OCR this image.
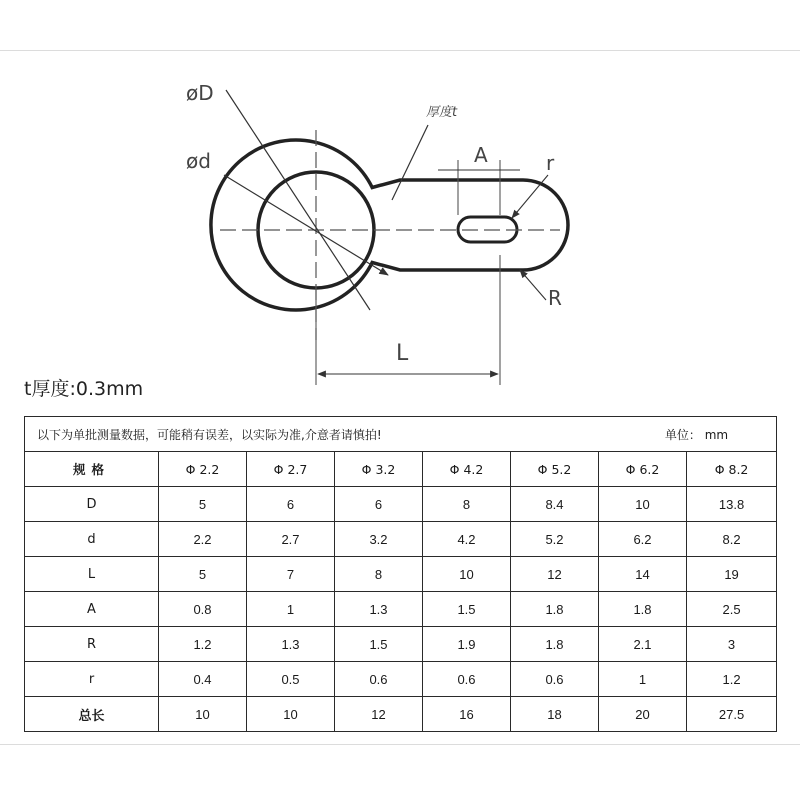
øD
ød
厚度t
A	r
R
L
t厚度:0.3mm
以下为单批测量数据，可能稍有误差，以实际为准,介意者请慎拍! 单位： mm							

规格	Φ 2.2	Φ 2.7	Φ 3.2	Φ 4.2	Φ 5.2	Φ 6.2	Φ 8.2
D	5	6	6	8	8.4	10	13.8
d	2.2	2.7	3.2	4.2	5.2	6.2	8.2
L	5	7	8	10	12	14	19
A	0.8	1	1.3	1.5	1.8	1.8	2.5
R	1.2	1.3	1.5	1.9	1.8	2.1	3
r	0.4	0.5	0.6	0.6	0.6	1	1.2
总长	10	10	12	16	18	20	27.5
